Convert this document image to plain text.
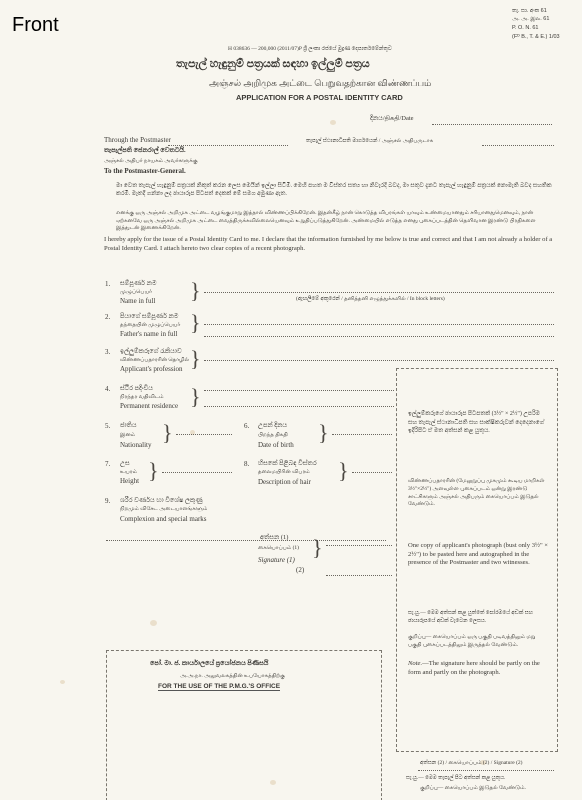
Front
තැ. සා. අංක 61
அ. அ. இல. 61
P. O. N. 61
(Fᴰ B., T. & E.) 1/03
H 038636 — 200,000 (2011/07)P ශ්‍රී ලංකා රජයේ මුද්‍රණ දෙපාර්තමේන්තුව
තැපැල් හැඳුනුම් පත්‍රයක් සඳහා ඉල්ලුම් පත්‍රය
அஞ்சல் அறிமுக அட்டை பெறுவதற்கான விண்ணப்பம்
APPLICATION FOR A POSTAL IDENTITY CARD
දිනය/திகதி/Date
Through the Postmaster	තැපැල් ස්ථානාධිපති මාර්ගයෙන් / அஞ்சல் அதிபருடாக
තැපැල්පති ජෙනරාල් වෙතටයි.
அஞ்சல் அதிபர் நாயகம் அவர்களுக்கு
To the Postmaster-General.
මා වෙත තැපැල් හැඳුනුම් පත්‍රයක් නිකුත් කරන ලෙස මෙයින් ඉල්ලා සිටිමි. මෙහි පහත ම විස්තර සත්‍ය හා නිවැරදි බවද, මා සතුව දැනට තැපැල් හැඳුනුම් පත්‍රයක් නොමැති බවද සහතික කරමි. මෑතදී ගන්නා ලද ඡායාරූප පිටපත් දෙකක් මේ සමග අමුණා ඇත.
எனக்கு ஒரு அஞ்சல் அறிமுக அட்டை வழங்குமாறு இத்தால் விண்ணப்பிக்கிறேன். இதன்கீழ் நான் கொடுத்த விபரங்கள் யாவும் உண்மையானதும் சரியானதுமெனவும், நான் ஏற்கனவே ஒரு அஞ்சல் அறிமுக அட்டை வைத்திருக்கவில்லையெனவும் உறுதிப்படுத்துகிறேன். அண்மையில் எடுத்த எனது புகைப்படத்தின் தெளிவான இரண்டு பிரதிகளை இத்துடன் இணைக்கிறேன்.
I hereby apply for the issue of a Postal Identity Card to me. I declare that the information furnished by me below is true and correct and that I am not already a holder of a Postal Identity Card. I attach hereto two clear copies of a recent photograph.
1. සම්පූර්ණ නම
முழுப்பெயர்
Name in full }	(ඇඟලීමේ අකුරෙන් / தனித்தனி எழுத்துக்களில் / In block letters)
2. පියාගේ සම්පූර්ණ නම
தந்தையின் முழுப்பெயர்
Father's name in full }
3. ඉල්ලුම්කරුගේ රැකියාව
விண்ணப்பதாரரின் தொழில்
Applicant's profession }
4. ස්ථිර පදිංචිය
நிரந்தர வதிவிடம்
Permanent residence }
ඉල්ලුම්කරුගේ ඡායාරූප පිටපතක් (3½" × 2½") උපරිම සහ තැපැල් ස්ථානාධිපති සහ සාක්ෂිකරුවන් දෙදෙනාගේ ඉදිරිපිට ඒ මත අත්සන් කළ යුතුය.
விண்ணப்பதாரரின் (மேலுறுப்பு முகமும் கூடிய மாறிகள் 3½"×2½") அளவுள்ள புகைப்படம் ஒன்று இரண்டு சாட்சிகளும் அஞ்சல் அதிபரும் கையொப்பம் இடுதல் வேண்டும்.
One copy of applicant's photograph (bust only 3½" × 2½") to be pasted here and autographed in the presence of the Postmaster and two witnesses.
සැ.යු.— මෙම අත්සන් කළ යුත්තේ පෝරමයේ අඩක් සහ ඡායාරූපයේ අඩක් වැටෙන ලෙසය.
குறிப்பு— கையொப்பம் ஒரு பகுதி படிவத்திலும் மறு பகுதி புகைப்படத்திலும் இருத்தல் வேண்டும்.
Note.—The signature here should be partly on the form and partly on the photograph.
5. ජාතිය
இனம்
Nationality }	6. උපන් දිනය
பிறந்த திகதி
Date of birth }
7. උස
உயரம்
Height }	8. හිසකේ පිළිබඳ විස්තර
தலைமயிரின் விபரம்
Description of hair }
9. ශරීර වර්ණය හා විශේෂ ලකුණු
நிறமும் விசேட அடையாளங்களும்
Complexion and special marks
අත්සන (1)
கையொப்பம் (1)
Signature (1) }
(2)
පෝ. මා. ජ. කාර්යාලයේ ප්‍රයෝජනය පිණිසයි
அ.அ.நா. அலுவலகத்தின் உபயோகத்திற்கு
FOR THE USE OF THE P.M.G.'S OFFICE
අත්සන (2) / கையொப்பம் (2) / Signature (2)
සැ.යු.— මෙම තැපැල් පිට අත්සන් කළ යුතුය.
குறிப்பு— கையொப்பம் இடுதல் வேண்டும்.
